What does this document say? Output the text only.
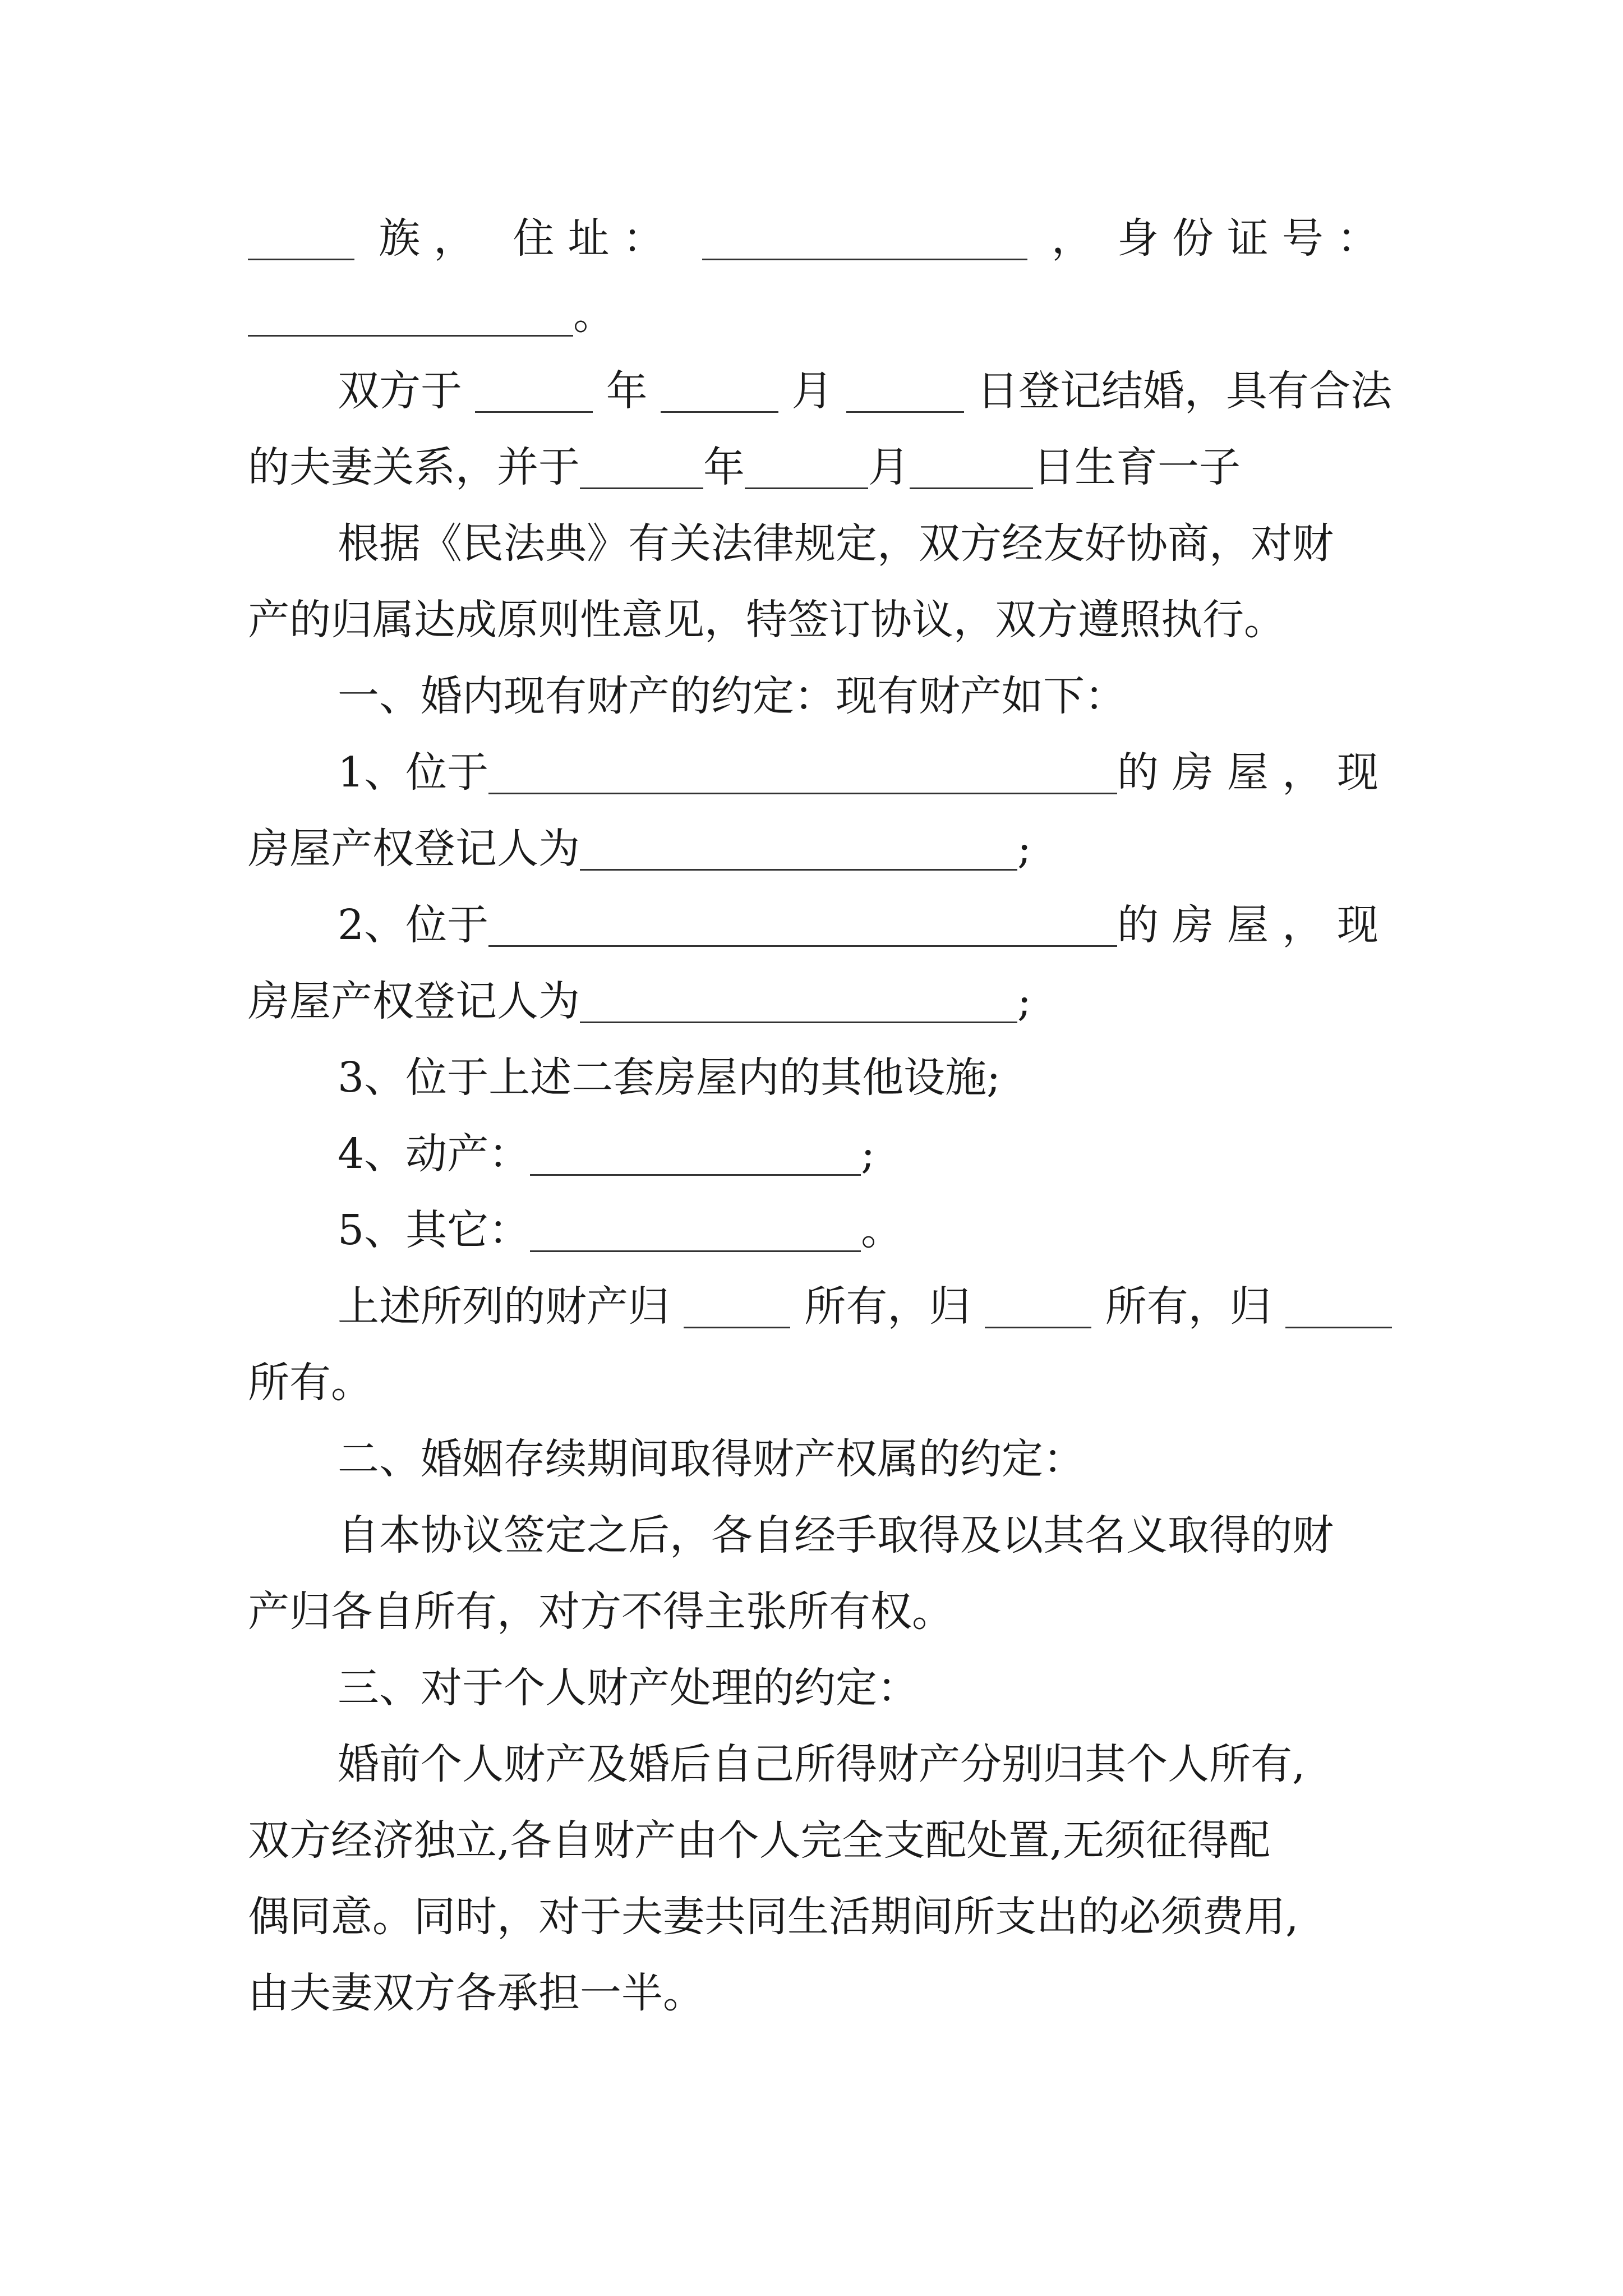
族， 住址：	， 身份证号：
。
双方于	年	月	日登记结婚，具有合法
的夫妻关系，并于	年	月	日生育一子
根据《民法典》有关法律规定，双方经友好协商，对财
产的归属达成原则性意见，特签订协议，双方遵照执行。
一、婚内现有财产的约定：现有财产如下：
1、位于	的房屋，现
房屋产权登记人为	;
2、位于	的房屋，现
房屋产权登记人为	;
3、位于上述二套房屋内的其他设施;
4、动产：	;
5、其它：	。
上述所列的财产归	所有，归	所有，归
所有。
二、婚姻存续期间取得财产权属的约定：
自本协议签定之后，各自经手取得及以其名义取得的财
产归各自所有，对方不得主张所有权。
三、对于个人财产处理的约定：
婚前个人财产及婚后自己所得财产分别归其个人所有,
双方经济独立,各自财产由个人完全支配处置,无须征得配
偶同意。同时，对于夫妻共同生活期间所支出的必须费用,
由夫妻双方各承担一半。
